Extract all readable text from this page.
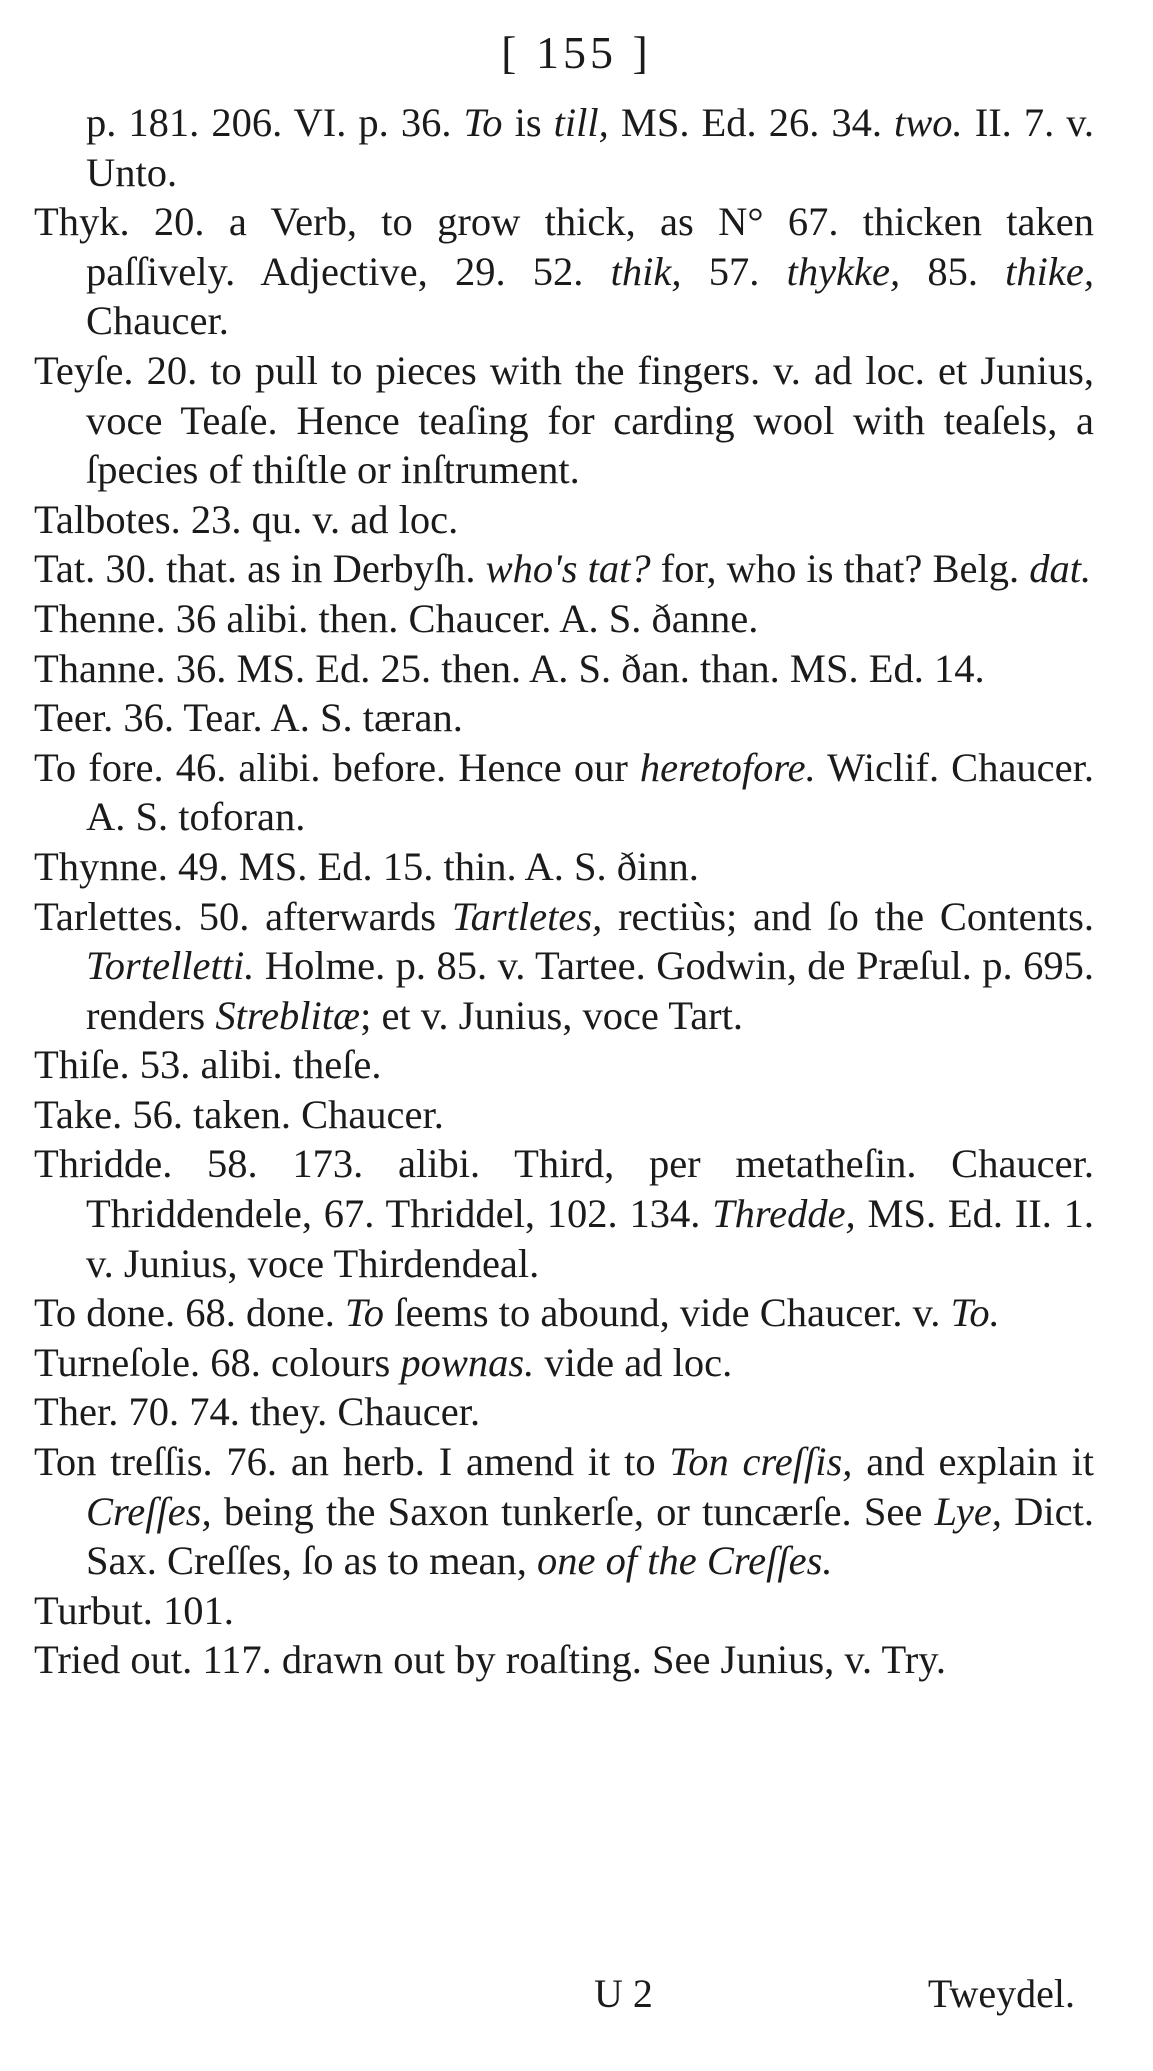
[ 155 ]
p. 181. 206. VI. p. 36. To is till, MS. Ed. 26. 34. two. II. 7. v. Unto.
Thyk. 20. a Verb, to grow thick, as N° 67. thicken taken paſſively. Adjective, 29. 52. thik, 57. thykke, 85. thike, Chaucer.
Teyſe. 20. to pull to pieces with the fingers. v. ad loc. et Junius, voce Teaſe. Hence teaſing for carding wool with teaſels, a ſpecies of thiſtle or inſtrument.
Talbotes. 23. qu. v. ad loc.
Tat. 30. that. as in Derbyſh. who's tat? for, who is that? Belg. dat.
Thenne. 36 alibi. then. Chaucer. A. S. ðanne.
Thanne. 36. MS. Ed. 25. then. A. S. ðan. than. MS. Ed. 14.
Teer. 36. Tear. A. S. tæran.
To fore. 46. alibi. before. Hence our heretofore. Wiclif. Chaucer. A. S. toforan.
Thynne. 49. MS. Ed. 15. thin. A. S. ðinn.
Tarlettes. 50. afterwards Tartletes, rectiùs; and ſo the Contents. Tortelletti. Holme. p. 85. v. Tartee. Godwin, de Præſul. p. 695. renders Streblitæ; et v. Junius, voce Tart.
Thiſe. 53. alibi. theſe.
Take. 56. taken. Chaucer.
Thridde. 58. 173. alibi. Third, per metatheſin. Chaucer. Thriddendele, 67. Thriddel, 102. 134. Thredde, MS. Ed. II. 1. v. Junius, voce Thirdendeal.
To done. 68. done. To ſeems to abound, vide Chaucer. v. To.
Turneſole. 68. colours pownas. vide ad loc.
Ther. 70. 74. they. Chaucer.
Ton treſſis. 76. an herb. I amend it to Ton creſſis, and explain it Creſſes, being the Saxon tunkerſe, or tuncærſe. See Lye, Dict. Sax. Creſſes, ſo as to mean, one of the Creſſes.
Turbut. 101.
Tried out. 117. drawn out by roaſting. See Junius, v. Try.
U 2	Tweydel.
